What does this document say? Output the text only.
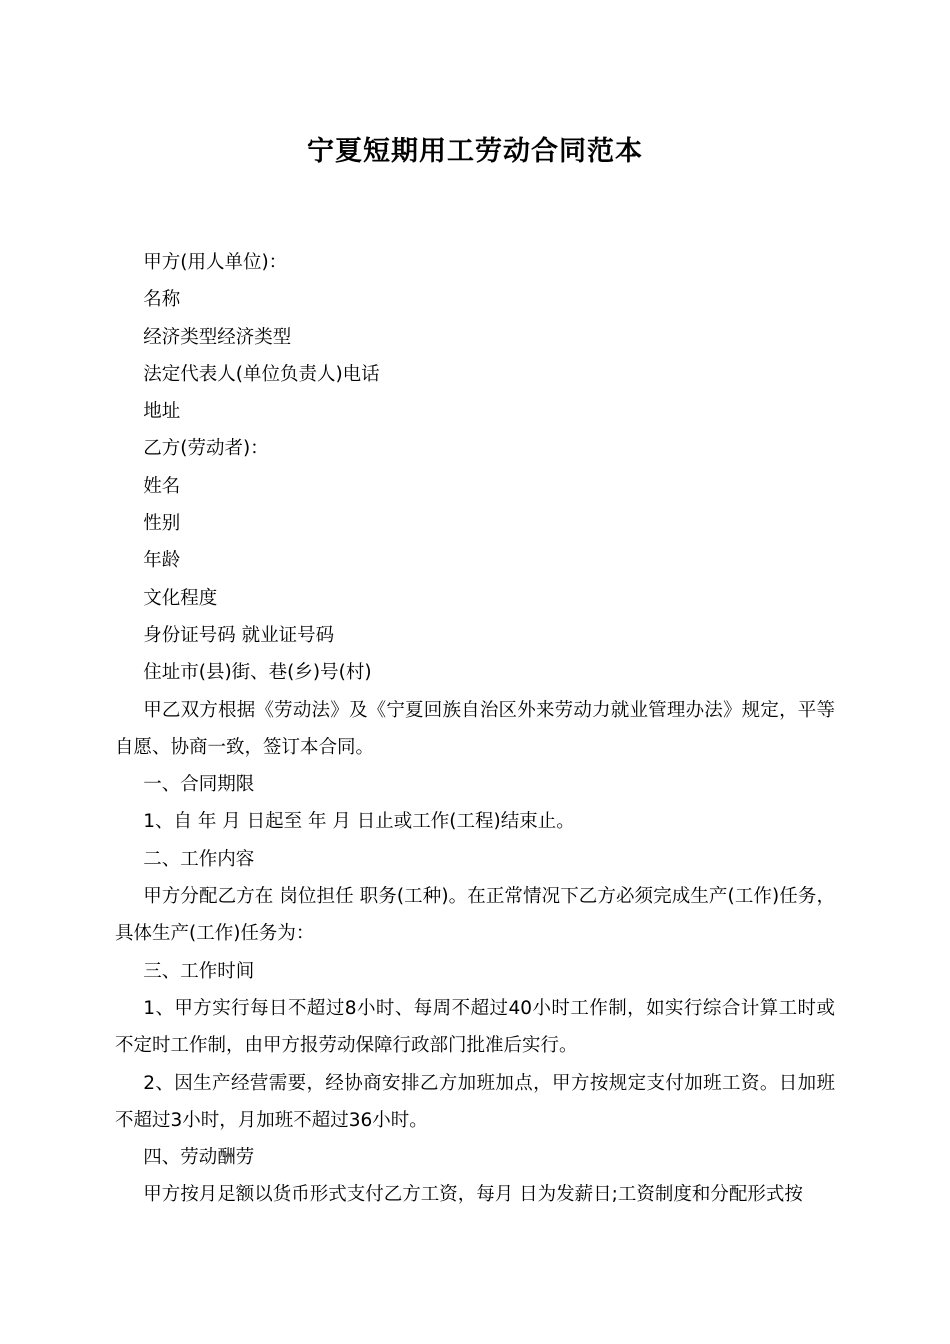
宁夏短期用工劳动合同范本

甲方(用人单位)：

名称

经济类型经济类型

法定代表人(单位负责人)电话

地址

乙方(劳动者)：

姓名

性别

年龄

文化程度

身份证号码 就业证号码

住址市(县)街、巷(乡)号(村)

甲乙双方根据《劳动法》及《宁夏回族自治区外来劳动力就业管理办法》规定，平等自愿、协商一致，签订本合同。

一、合同期限

1、自 年 月 日起至 年 月 日止或工作(工程)结束止。

二、工作内容

甲方分配乙方在 岗位担任 职务(工种)。在正常情况下乙方必须完成生产(工作)任务，具体生产(工作)任务为：

三、工作时间

1、甲方实行每日不超过8小时、每周不超过40小时工作制，如实行综合计算工时或不定时工作制，由甲方报劳动保障行政部门批准后实行。

2、因生产经营需要，经协商安排乙方加班加点，甲方按规定支付加班工资。日加班不超过3小时，月加班不超过36小时。

四、劳动酬劳

甲方按月足额以货币形式支付乙方工资，每月 日为发薪日;工资制度和分配形式按
